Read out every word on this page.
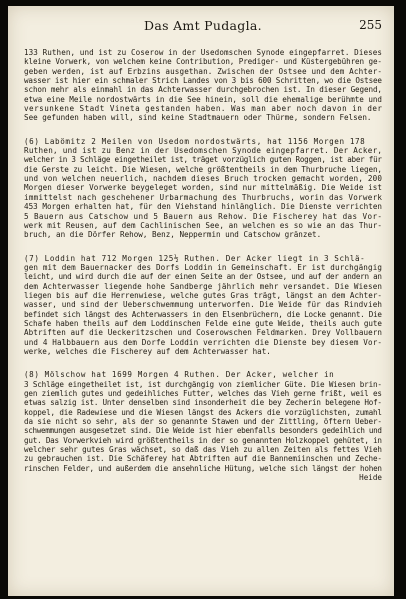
Das Amt Pudagla.	255
133 Ruthen, und ist zu Coserow in der Usedomschen Synode eingepfarret. Dieses
kleine Vorwerk, von welchem keine Contribution, Prediger- und Küstergebühren ge-
geben werden, ist auf Erbzins ausgethan. Zwischen der Ostsee und dem Achter-
wasser ist hier ein schmaler Strich Landes von 3 bis 600 Schritten, wo die Ostsee
schon mehr als einmahl in das Achterwasser durchgebrochen ist. In dieser Gegend,
etwa eine Meile nordostwärts in die See hinein, soll die ehemalige berühmte und
versunkene Stadt Vineta gestanden haben. Was man aber noch davon in der
See gefunden haben will, sind keine Stadtmauern oder Thürme, sondern Felsen.
(6) Labömitz 2 Meilen von Usedom nordostwärts, hat 1156 Morgen 178
Ruthen, und ist zu Benz in der Usedomschen Synode eingepfarret. Der Acker,
welcher in 3 Schläge eingetheilet ist, träget vorzüglich guten Roggen, ist aber für
die Gerste zu leicht. Die Wiesen, welche größtentheils in dem Thurbruche liegen,
und von welchen neuerlich, nachdem dieses Bruch trocken gemacht worden, 200
Morgen dieser Vorwerke beygeleget worden, sind nur mittelmäßig. Die Weide ist
immittelst nach geschehener Urbarmachung des Thurbruchs, worin das Vorwerk
453 Morgen erhalten hat, für den Viehstand hinlänglich. Die Dienste verrichten
5 Bauern aus Catschow und 5 Bauern aus Rehow. Die Fischerey hat das Vor-
werk mit Reusen, auf dem Cachlinischen See, an welchen es so wie an das Thur-
bruch, an die Dörfer Rehow, Benz, Neppermin und Catschow gränzet.
(7) Loddin hat 712 Morgen 125½ Ruthen. Der Acker liegt in 3 Schlä-
gen mit dem Bauernacker des Dorfs Loddin in Gemeinschaft. Er ist durchgängig
leicht, und wird durch die auf der einen Seite an der Ostsee, und auf der andern an
dem Achterwasser liegende hohe Sandberge jährlich mehr versandet. Die Wiesen
liegen bis auf die Herrenwiese, welche gutes Gras trägt, längst an dem Achter-
wasser, und sind der Ueberschwemmung unterworfen. Die Weide für das Rindvieh
befindet sich längst des Achterwassers in den Elsenbrüchern, die Locke genannt. Die
Schafe haben theils auf dem Loddinschen Felde eine gute Weide, theils auch gute
Abtriften auf die Ueckeritzschen und Coserowschen Feldmarken. Drey Vollbauern
und 4 Halbbauern aus dem Dorfe Loddin verrichten die Dienste bey diesem Vor-
werke, welches die Fischerey auf dem Achterwasser hat.
(8) Mölschow hat 1699 Morgen 4 Ruthen. Der Acker, welcher in
3 Schläge eingetheilet ist, ist durchgängig von ziemlicher Güte. Die Wiesen brin-
gen ziemlich gutes und gedeihliches Futter, welches das Vieh gerne frißt, weil es
etwas salzig ist. Unter denselben sind insonderheit die bey Zecherin belegene Hof-
koppel, die Radewiese und die Wiesen längst des Ackers die vorzüglichsten, zumahl
da sie nicht so sehr, als der so genannte Stawen und der Zittling, öftern Ueber-
schwemmungen ausgesetzet sind. Die Weide ist hier ebenfalls besonders gedeihlich und
gut. Das Vorwerkvieh wird größtentheils in der so genannten Holzkoppel gehütet, in
welcher sehr gutes Gras wächset, so daß das Vieh zu allen Zeiten als fettes Vieh
zu gebrauchen ist. Die Schäferey hat Abtriften auf die Bannemiinschen und Zeche-
rinschen Felder, und außerdem die ansehnliche Hütung, welche sich längst der hohen
Heide
